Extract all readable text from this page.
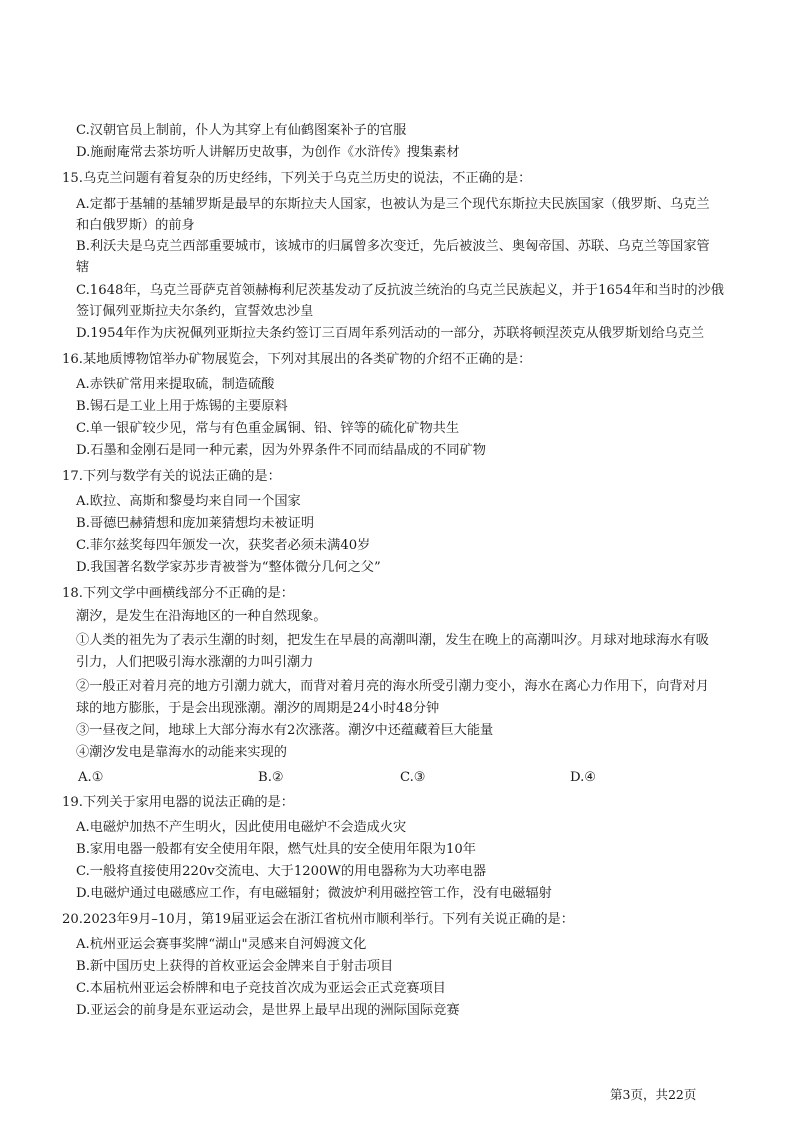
C.汉朝官员上制前，仆人为其穿上有仙鹤图案补子的官服
D.施耐庵常去茶坊听人讲解历史故事，为创作《水浒传》搜集素材
15.乌克兰问题有着复杂的历史经纬，下列关于乌克兰历史的说法，不正确的是：
A.定都于基辅的基辅罗斯是最早的东斯拉夫人国家，也被认为是三个现代东斯拉夫民族国家（俄罗斯、乌克兰
和白俄罗斯）的前身
B.利沃夫是乌克兰西部重要城市，该城市的归属曾多次变迁，先后被波兰、奥匈帝国、苏联、乌克兰等国家管
辖
C.1648年，乌克兰哥萨克首领赫梅利尼茨基发动了反抗波兰统治的乌克兰民族起义，并于1654年和当时的沙俄
签订佩列亚斯拉夫尔条约，宣誓效忠沙皇
D.1954年作为庆祝佩列亚斯拉夫条约签订三百周年系列活动的一部分，苏联将顿涅茨克从俄罗斯划给乌克兰
16.某地质博物馆举办矿物展览会，下列对其展出的各类矿物的介绍不正确的是：
A.赤铁矿常用来提取硫，制造硫酸
B.锡石是工业上用于炼锡的主要原料
C.单一银矿较少见，常与有色重金属铜、铅、锌等的硫化矿物共生
D.石墨和金刚石是同一种元素，因为外界条件不同而结晶成的不同矿物
17.下列与数学有关的说法正确的是：
A.欧拉、高斯和黎曼均来自同一个国家
B.哥德巴赫猜想和庞加莱猜想均未被证明
C.菲尔兹奖每四年颁发一次，获奖者必须未满40岁
D.我国著名数学家苏步青被誉为“整体微分几何之父”
18.下列文学中画横线部分不正确的是：
潮汐，是发生在沿海地区的一种自然现象。
①人类的祖先为了表示生潮的时刻，把发生在早晨的高潮叫潮，发生在晚上的高潮叫汐。月球对地球海水有吸
引力，人们把吸引海水涨潮的力叫引潮力
②一般正对着月亮的地方引潮力就大，而背对着月亮的海水所受引潮力变小，海水在离心力作用下，向背对月
球的地方膨胀，于是会出现涨潮。潮汐的周期是24小时48分钟
③一昼夜之间，地球上大部分海水有2次涨落。潮汐中还蕴藏着巨大能量
④潮汐发电是靠海水的动能来实现的
A.①	B.②	C.③	D.④
19.下列关于家用电器的说法正确的是：
A.电磁炉加热不产生明火，因此使用电磁炉不会造成火灾
B.家用电器一般都有安全使用年限，燃气灶具的安全使用年限为10年
C.一般将直接使用220v交流电、大于1200W的用电器称为大功率电器
D.电磁炉通过电磁感应工作，有电磁辐射；微波炉利用磁控管工作，没有电磁辐射
20.2023年9月–10月，第19届亚运会在浙江省杭州市顺利举行。下列有关说正确的是：
A.杭州亚运会赛事奖牌“湖山"灵感来自河姆渡文化
B.新中国历史上获得的首枚亚运会金牌来自于射击项目
C.本届杭州亚运会桥牌和电子竞技首次成为亚运会正式竞赛项目
D.亚运会的前身是东亚运动会，是世界上最早出现的洲际国际竞赛
第3页，共22页
